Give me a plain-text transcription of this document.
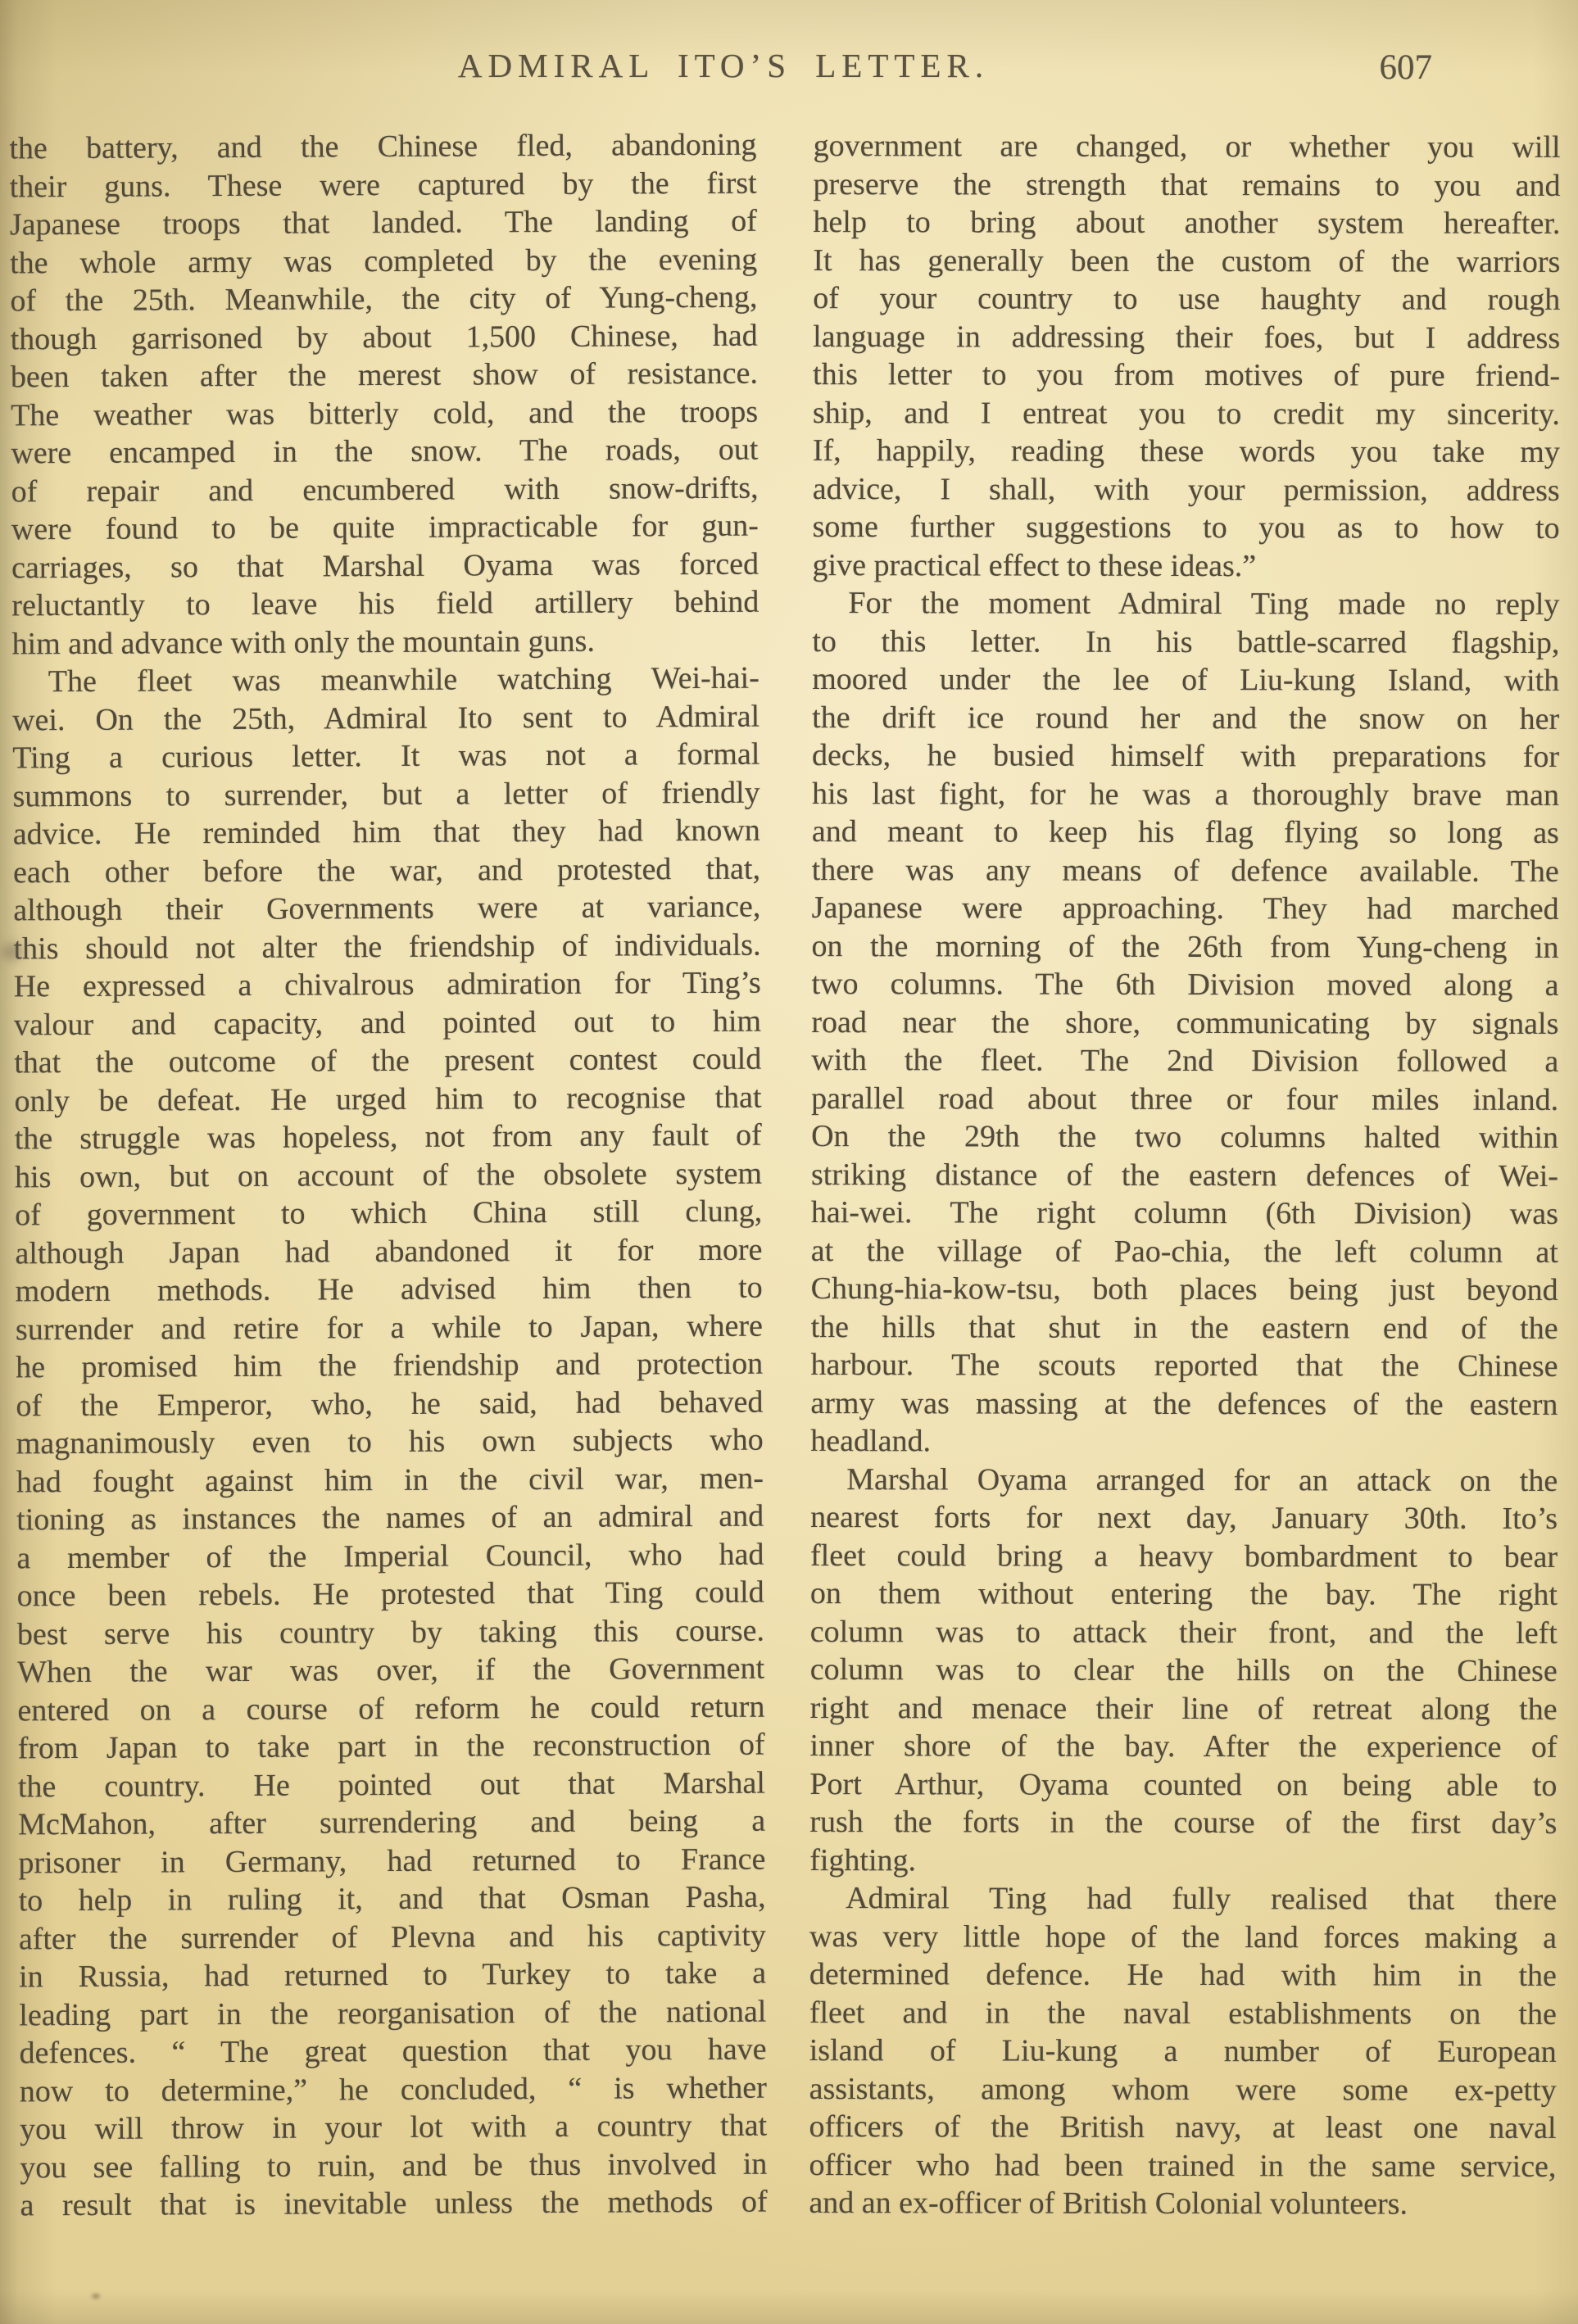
ADMIRAL ITO’S LETTER.	607
the battery, and the Chinese fled, abandoning
their guns. These were captured by the first
Japanese troops that landed. The landing of
the whole army was completed by the evening
of the 25th. Meanwhile, the city of Yung-cheng,
though garrisoned by about 1,500 Chinese, had
been taken after the merest show of resistance.
The weather was bitterly cold, and the troops
were encamped in the snow. The roads, out
of repair and encumbered with snow-drifts,
were found to be quite impracticable for gun-
carriages, so that Marshal Oyama was forced
reluctantly to leave his field artillery behind
him and advance with only the mountain guns.
The fleet was meanwhile watching Wei-hai-
wei. On the 25th, Admiral Ito sent to Admiral
Ting a curious letter. It was not a formal
summons to surrender, but a letter of friendly
advice. He reminded him that they had known
each other before the war, and protested that,
although their Governments were at variance,
this should not alter the friendship of individuals.
He expressed a chivalrous admiration for Ting’s
valour and capacity, and pointed out to him
that the outcome of the present contest could
only be defeat. He urged him to recognise that
the struggle was hopeless, not from any fault of
his own, but on account of the obsolete system
of government to which China still clung,
although Japan had abandoned it for more
modern methods. He advised him then to
surrender and retire for a while to Japan, where
he promised him the friendship and protection
of the Emperor, who, he said, had behaved
magnanimously even to his own subjects who
had fought against him in the civil war, men-
tioning as instances the names of an admiral and
a member of the Imperial Council, who had
once been rebels. He protested that Ting could
best serve his country by taking this course.
When the war was over, if the Government
entered on a course of reform he could return
from Japan to take part in the reconstruction of
the country. He pointed out that Marshal
McMahon, after surrendering and being a
prisoner in Germany, had returned to France
to help in ruling it, and that Osman Pasha,
after the surrender of Plevna and his captivity
in Russia, had returned to Turkey to take a
leading part in the reorganisation of the national
defences. “ The great question that you have
now to determine,” he concluded, “ is whether
you will throw in your lot with a country that
you see falling to ruin, and be thus involved in
a result that is inevitable unless the methods of
government are changed, or whether you will
preserve the strength that remains to you and
help to bring about another system hereafter.
It has generally been the custom of the warriors
of your country to use haughty and rough
language in addressing their foes, but I address
this letter to you from motives of pure friend-
ship, and I entreat you to credit my sincerity.
If, happily, reading these words you take my
advice, I shall, with your permission, address
some further suggestions to you as to how to
give practical effect to these ideas.”
For the moment Admiral Ting made no reply
to this letter. In his battle-scarred flagship,
moored under the lee of Liu-kung Island, with
the drift ice round her and the snow on her
decks, he busied himself with preparations for
his last fight, for he was a thoroughly brave man
and meant to keep his flag flying so long as
there was any means of defence available. The
Japanese were approaching. They had marched
on the morning of the 26th from Yung-cheng in
two columns. The 6th Division moved along a
road near the shore, communicating by signals
with the fleet. The 2nd Division followed a
parallel road about three or four miles inland.
On the 29th the two columns halted within
striking distance of the eastern defences of Wei-
hai-wei. The right column (6th Division) was
at the village of Pao-chia, the left column at
Chung-hia-kow-tsu, both places being just beyond
the hills that shut in the eastern end of the
harbour. The scouts reported that the Chinese
army was massing at the defences of the eastern
headland.
Marshal Oyama arranged for an attack on the
nearest forts for next day, January 30th. Ito’s
fleet could bring a heavy bombardment to bear
on them without entering the bay. The right
column was to attack their front, and the left
column was to clear the hills on the Chinese
right and menace their line of retreat along the
inner shore of the bay. After the experience of
Port Arthur, Oyama counted on being able to
rush the forts in the course of the first day’s
fighting.
Admiral Ting had fully realised that there
was very little hope of the land forces making a
determined defence. He had with him in the
fleet and in the naval establishments on the
island of Liu-kung a number of European
assistants, among whom were some ex-petty
officers of the British navy, at least one naval
officer who had been trained in the same service,
and an ex-officer of British Colonial volunteers.
